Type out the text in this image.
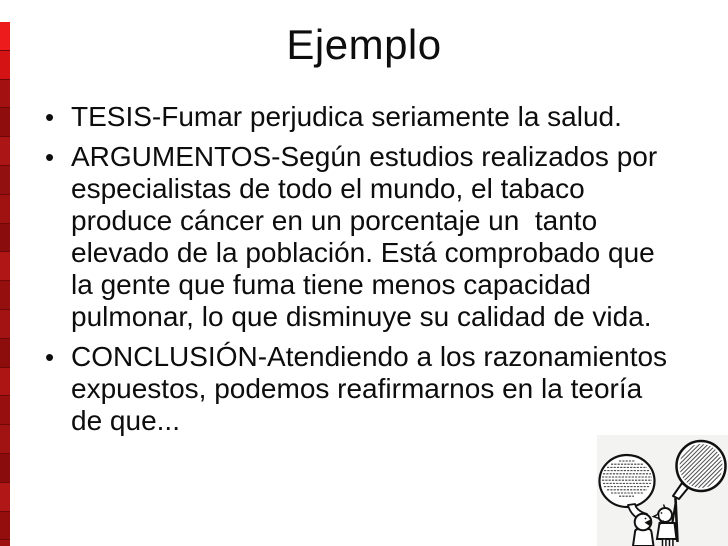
Ejemplo
• TESIS-Fumar perjudica seriamente la salud.
• ARGUMENTOS-Según estudios realizados por
especialistas de todo el mundo, el tabaco
produce cáncer en un porcentaje un  tanto
elevado de la población. Está comprobado que
la gente que fuma tiene menos capacidad
pulmonar, lo que disminuye su calidad de vida.
• CONCLUSIÓN-Atendiendo a los razonamientos
expuestos, podemos reafirmarnos en la teoría
de que...
